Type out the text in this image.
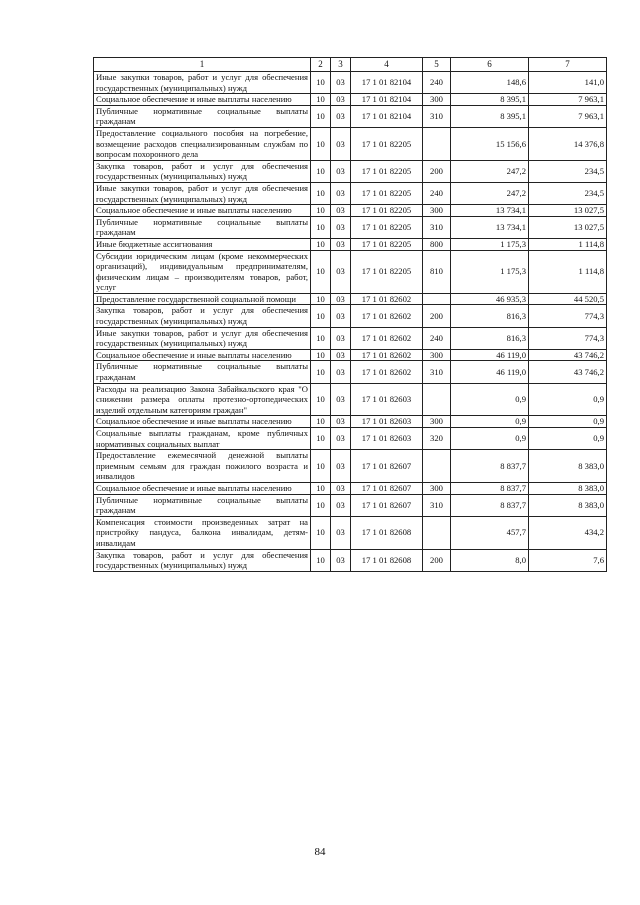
1	2	3	4	5	6	7
Иные закупки товаров, работ и услуг для обеспечения государственных (муниципальных) нужд	10	03	17 1 01 82104	240	148,6	141,0
Социальное обеспечение и иные выплаты населению	10	03	17 1 01 82104	300	8 395,1	7 963,1
Публичные нормативные социальные выплаты гражданам	10	03	17 1 01 82104	310	8 395,1	7 963,1
Предоставление социального пособия на погребение, возмещение расходов специализированным службам по вопросам похоронного дела	10	03	17 1 01 82205		15 156,6	14 376,8
Закупка товаров, работ и услуг для обеспечения государственных (муниципальных) нужд	10	03	17 1 01 82205	200	247,2	234,5
Иные закупки товаров, работ и услуг для обеспечения государственных (муниципальных) нужд	10	03	17 1 01 82205	240	247,2	234,5
Социальное обеспечение и иные выплаты населению	10	03	17 1 01 82205	300	13 734,1	13 027,5
Публичные нормативные социальные выплаты гражданам	10	03	17 1 01 82205	310	13 734,1	13 027,5
Иные бюджетные ассигнования	10	03	17 1 01 82205	800	1 175,3	1 114,8
Субсидии юридическим лицам (кроме некоммерческих организаций), индивидуальным предпринимателям, физическим лицам – производителям товаров, работ, услуг	10	03	17 1 01 82205	810	1 175,3	1 114,8
Предоставление государственной социальной помощи	10	03	17 1 01 82602		46 935,3	44 520,5
Закупка товаров, работ и услуг для обеспечения государственных (муниципальных) нужд	10	03	17 1 01 82602	200	816,3	774,3
Иные закупки товаров, работ и услуг для обеспечения государственных (муниципальных) нужд	10	03	17 1 01 82602	240	816,3	774,3
Социальное обеспечение и иные выплаты населению	10	03	17 1 01 82602	300	46 119,0	43 746,2
Публичные нормативные социальные выплаты гражданам	10	03	17 1 01 82602	310	46 119,0	43 746,2
Расходы на реализацию Закона Забайкальского края "О снижении размера оплаты протезно-ортопедических изделий отдельным категориям граждан"	10	03	17 1 01 82603		0,9	0,9
Социальное обеспечение и иные выплаты населению	10	03	17 1 01 82603	300	0,9	0,9
Социальные выплаты гражданам, кроме публичных нормативных социальных выплат	10	03	17 1 01 82603	320	0,9	0,9
Предоставление ежемесячной денежной выплаты приемным семьям для граждан пожилого возраста и инвалидов	10	03	17 1 01 82607		8 837,7	8 383,0
Социальное обеспечение и иные выплаты населению	10	03	17 1 01 82607	300	8 837,7	8 383,0
Публичные нормативные социальные выплаты гражданам	10	03	17 1 01 82607	310	8 837,7	8 383,0
Компенсация стоимости произведенных затрат на пристройку пандуса, балкона инвалидам, детям-инвалидам	10	03	17 1 01 82608		457,7	434,2
Закупка товаров, работ и услуг для обеспечения государственных (муниципальных) нужд	10	03	17 1 01 82608	200	8,0	7,6
84
